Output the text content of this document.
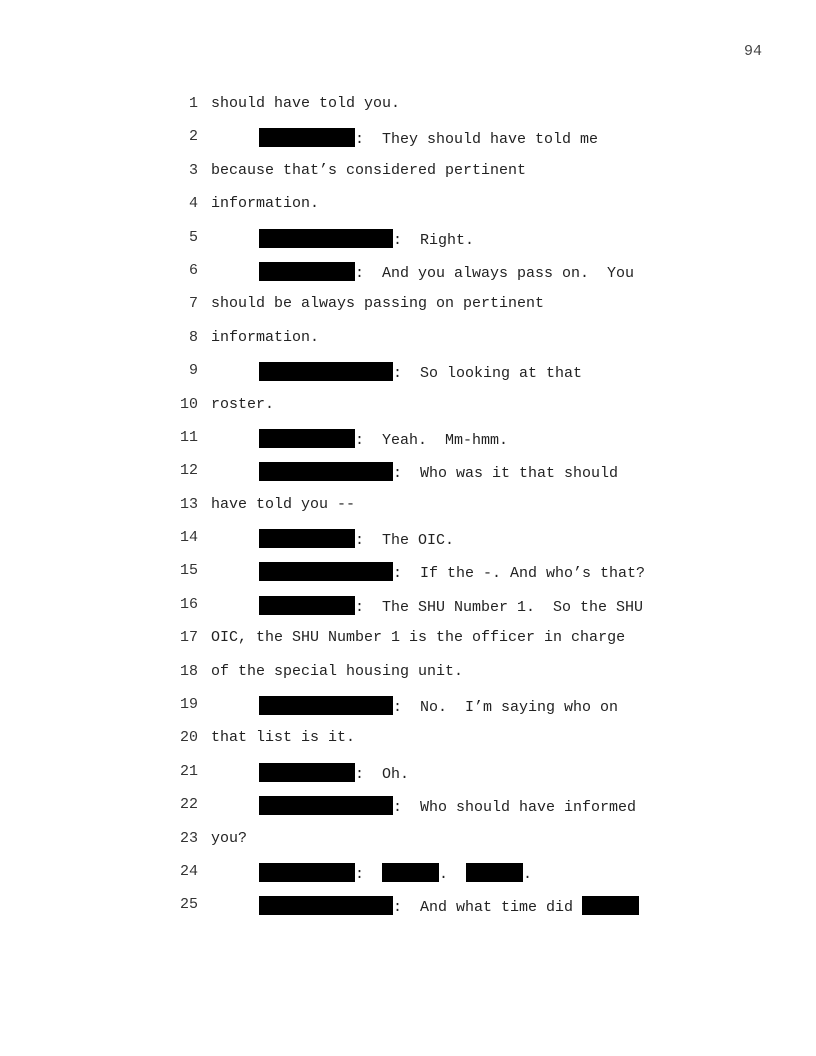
94

1

should have told you.

2

	:  They should have told me

3

because that’s considered pertinent

4

information.

5

	:  Right.

6

	:  And you always pass on.  You

7

should be always passing on pertinent

8

information.

9

	:  So looking at that

10

roster.

11

	:  Yeah.  Mm-hmm.

12

	:  Who was it that should

13

have told you --

14

	:  The OIC.

15

	:  If the -. And who’s that?

16

	:  The SHU Number 1.  So the SHU

17

OIC, the SHU Number 1 is the officer in charge

18

of the special housing unit.

19

	:  No.  I’m saying who on

20

that list is it.

21

	:  Oh.

22

	:  Who should have informed

23

you?

24

	:	.	.

25

	:  And what time did
